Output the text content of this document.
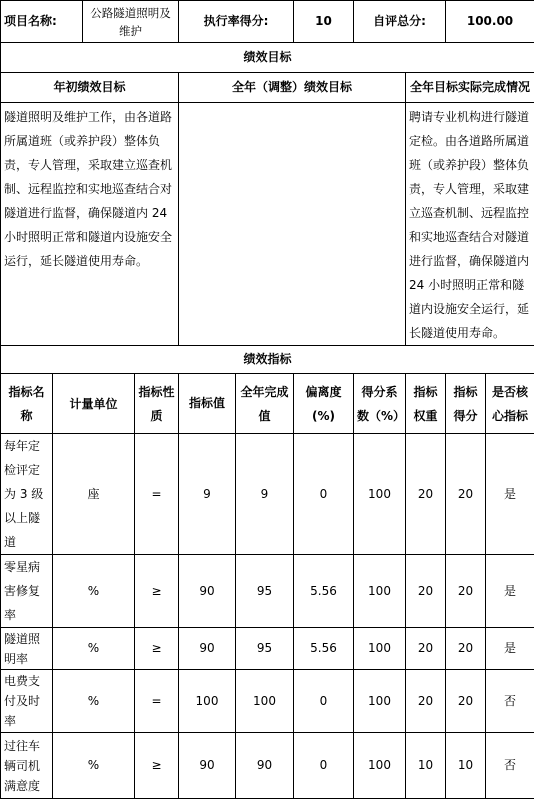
项目名称:		公路隧道照明及维护		执行率得分:		10	自评总分:		100.00	
绩效目标										
年初绩效目标				全年（调整）绩效目标				全年目标实际完成情况		
隧道照明及维护工作，由各道路所属道班（或养护段）整体负责，专人管理，采取建立巡查机制、远程监控和实地巡查结合对隧道进行监督，确保隧道内 24 小时照明正常和隧道内设施安全运行，延长隧道使用寿命。								聘请专业机构进行隧道定检。由各道路所属道班（或养护段）整体负责，专人管理，采取建立巡查机制、远程监控和实地巡查结合对隧道进行监督，确保隧道内 24 小时照明正常和隧道内设施安全运行，延长隧道使用寿命。		
绩效指标										
指标名称	计量单位		指标性质	指标值	全年完成值	偏离度(%)	得分系数（%）	指标权重	指标得分	是否核心指标
每年定检评定为 3 级以上隧道	座		=	9	9	0	100	20	20	是
零星病害修复率	%		≥	90	95	5.56	100	20	20	是
隧道照明率	%		≥	90	95	5.56	100	20	20	是
电费支付及时率	%		=	100	100	0	100	20	20	否
过往车辆司机满意度	%		≥	90	90	0	100	10	10	否
